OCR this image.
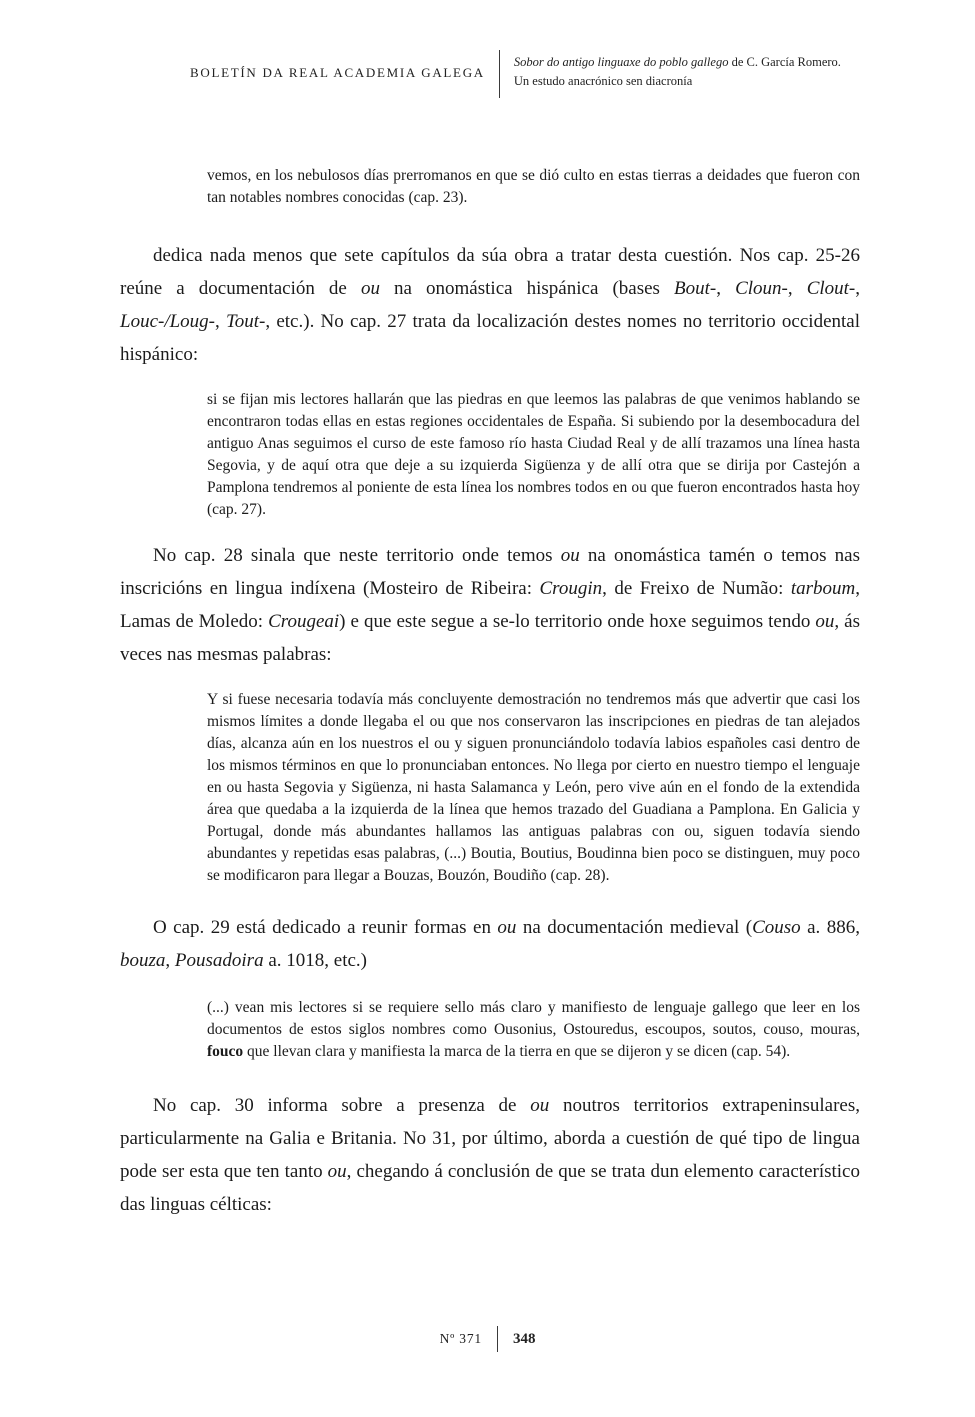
BOLETÍN DA REAL ACADEMIA GALEGA
Sobor do antigo linguaxe do poblo gallego de C. García Romero.
Un estudo anacrónico sen diacronía
vemos, en los nebulosos días prerromanos en que se dió culto en estas tierras a deidades que fueron con tan notables nombres conocidas (cap. 23).

dedica nada menos que sete capítulos da súa obra a tratar desta cuestión. Nos cap. 25-26 reúne a documentación de ou na onomástica hispánica (bases Bout-, Cloun-, Clout-, Louc-/Loug-, Tout-, etc.). No cap. 27 trata da localización destes nomes no territorio occidental hispánico:

si se fijan mis lectores hallarán que las piedras en que leemos las palabras de que venimos hablando se encontraron todas ellas en estas regiones occidentales de España. Si subiendo por la desembocadura del antiguo Anas seguimos el curso de este famoso río hasta Ciudad Real y de allí trazamos una línea hasta Segovia, y de aquí otra que deje a su izquierda Sigüenza y de allí otra que se dirija por Castejón a Pamplona tendremos al poniente de esta línea los nombres todos en ou que fueron encontrados hasta hoy (cap. 27).

No cap. 28 sinala que neste territorio onde temos ou na onomástica tamén o temos nas inscricións en lingua indíxena (Mosteiro de Ribeira: Crougin, de Freixo de Numão: tarboum, Lamas de Moledo: Crougeai) e que este segue a se-lo territorio onde hoxe seguimos tendo ou, ás veces nas mesmas palabras:

Y si fuese necesaria todavía más concluyente demostración no tendremos más que advertir que casi los mismos límites a donde llegaba el ou que nos conservaron las inscripciones en piedras de tan alejados días, alcanza aún en los nuestros el ou y siguen pronunciándolo todavía labios españoles casi dentro de los mismos términos en que lo pronunciaban entonces. No llega por cierto en nuestro tiempo el lenguaje en ou hasta Segovia y Sigüenza, ni hasta Salamanca y León, pero vive aún en el fondo de la extendida área que quedaba a la izquierda de la línea que hemos trazado del Guadiana a Pamplona. En Galicia y Portugal, donde más abundantes hallamos las antiguas palabras con ou, siguen todavía siendo abundantes y repetidas esas palabras, (...) Boutia, Boutius, Boudinna bien poco se distinguen, muy poco se modificaron para llegar a Bouzas, Bouzón, Boudiño (cap. 28).

O cap. 29 está dedicado a reunir formas en ou na documentación medieval (Couso a. 886, bouza, Pousadoira a. 1018, etc.)

(...) vean mis lectores si se requiere sello más claro y manifiesto de lenguaje gallego que leer en los documentos de estos siglos nombres como Ousonius, Ostouredus, escoupos, soutos, couso, mouras, fouco que llevan clara y manifiesta la marca de la tierra en que se dijeron y se dicen (cap. 54).

No cap. 30 informa sobre a presenza de ou noutros territorios extrapeninsulares, particularmente na Galia e Britania. No 31, por último, aborda a cuestión de qué tipo de lingua pode ser esta que ten tanto ou, chegando á conclusión de que se trata dun elemento característico das linguas célticas:

Nº 371 348
